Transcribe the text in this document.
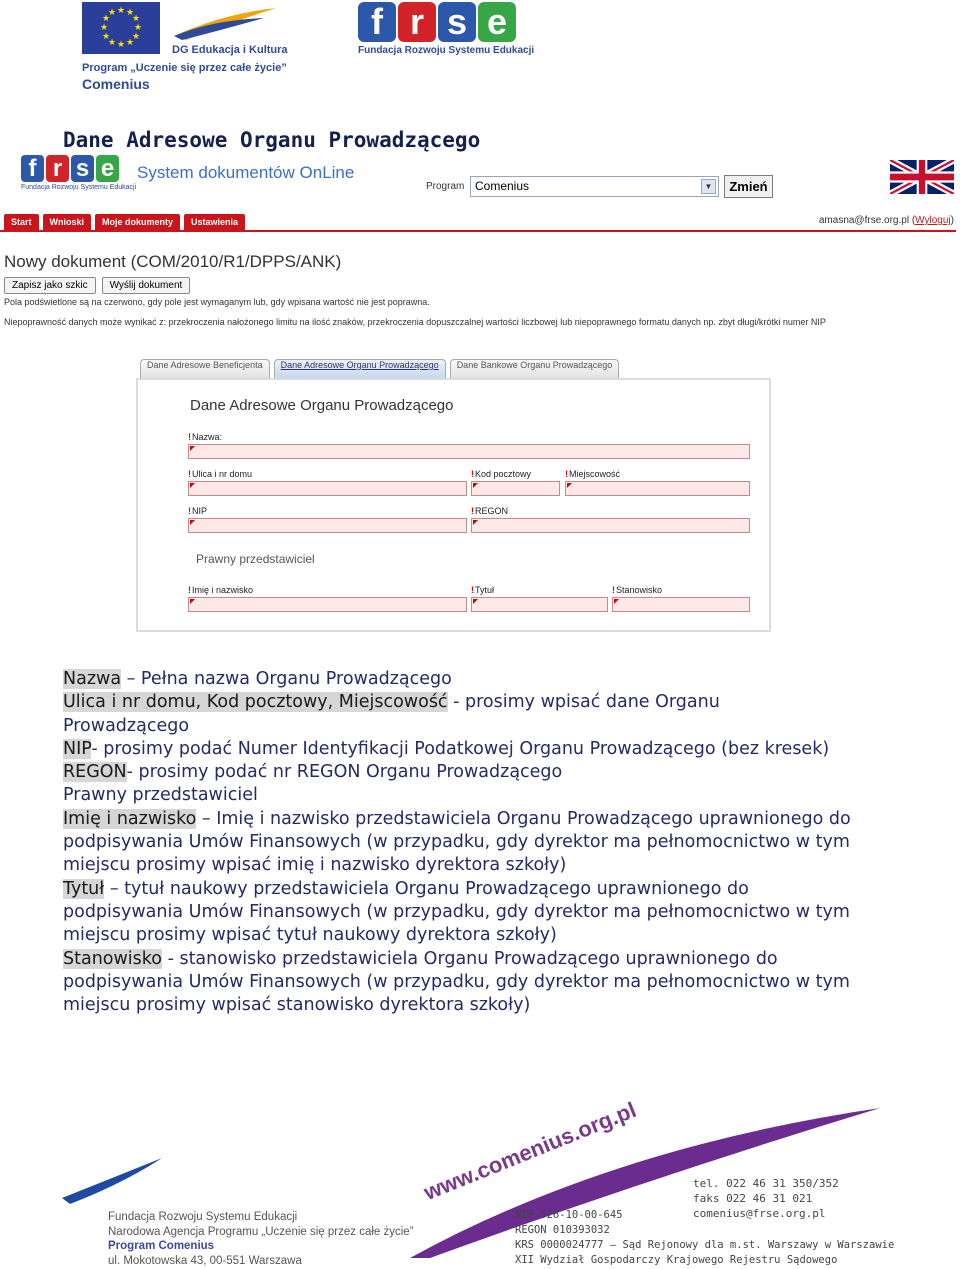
★ ★
★
★
★
★
★
★
★
★
★
★
DG Edukacja i Kultura
Program „Uczenie się przez całe życie”
Comenius
f r s e
Fundacja Rozwoju Systemu Edukacji
Dane Adresowe Organu Prowadzącego
f r s e
Fundacja Rozwoju Systemu Edukacji
System dokumentów OnLine
Program Comenius	▼	Zmień
Start	Wnioski	Moje dokumenty	Ustawienia	amasna@frse.org.pl (Wyloguj)
Nowy dokument (COM/2010/R1/DPPS/ANK)
Zapisz jako szkic	Wyślij dokument
Pola podświetlone są na czerwono, gdy pole jest wymaganym lub, gdy wpisana wartość nie jest poprawna.
Niepoprawność danych może wynikać z: przekroczenia nałożonego limitu na ilość znaków, przekroczenia dopuszczalnej wartości liczbowej lub niepoprawnego formatu danych np. zbyt długi/krótki numer NIP
Dane Adresowe Beneficjenta	Dane Adresowe Organu Prowadzącego	Dane Bankowe Organu Prowadzącego
Dane Adresowe Organu Prowadzącego
!Nazwa:
!Ulica i nr domu	!Kod pocztowy	!Miejscowość
!NIP	!REGON
Prawny przedstawiciel
!Imię i nazwisko	!Tytuł	!Stanowisko
Nazwa – Pełna nazwa Organu Prowadzącego
Ulica i nr domu, Kod pocztowy, Miejscowość - prosimy wpisać dane Organu
Prowadzącego
NIP- prosimy podać Numer Identyfikacji Podatkowej Organu Prowadzącego (bez kresek)
REGON- prosimy podać nr REGON Organu Prowadzącego
Prawny przedstawiciel
Imię i nazwisko – Imię i nazwisko przedstawiciela Organu Prowadzącego uprawnionego do
podpisywania Umów Finansowych (w przypadku, gdy dyrektor ma pełnomocnictwo w tym
miejscu prosimy wpisać imię i nazwisko dyrektora szkoły)
Tytuł – tytuł naukowy przedstawiciela Organu Prowadzącego uprawnionego do
podpisywania Umów Finansowych (w przypadku, gdy dyrektor ma pełnomocnictwo w tym
miejscu prosimy wpisać tytuł naukowy dyrektora szkoły)
Stanowisko - stanowisko przedstawiciela Organu Prowadzącego uprawnionego do
podpisywania Umów Finansowych (w przypadku, gdy dyrektor ma pełnomocnictwo w tym
miejscu prosimy wpisać stanowisko dyrektora szkoły)
Fundacja Rozwoju Systemu Edukacji
Narodowa Agencja Programu „Uczenie się przez całe życie”
Program Comenius
ul. Mokotowska 43, 00-551 Warszawa
www.comenius.org.pl
NIP 526-10-00-645
REGON 010393032
KRS 0000024777 – Sąd Rejonowy dla m.st. Warszawy w Warszawie
XII Wydział Gospodarczy Krajowego Rejestru Sądowego
tel. 022 46 31 350/352
faks 022 46 31 021
comenius@frse.org.pl
